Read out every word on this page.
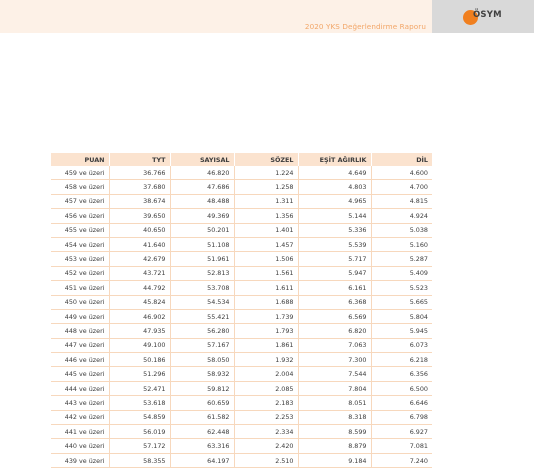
2020 YKS Değerlendirme Raporu
ÖSYM
PUAN	TYT	SAYISAL	SÖZEL	EŞİT AĞIRLIK	DİL
459 ve üzeri	36.766	46.820	1.224	4.649	4.600
458 ve üzeri	37.680	47.686	1.258	4.803	4.700
457 ve üzeri	38.674	48.488	1.311	4.965	4.815
456 ve üzeri	39.650	49.369	1.356	5.144	4.924
455 ve üzeri	40.650	50.201	1.401	5.336	5.038
454 ve üzeri	41.640	51.108	1.457	5.539	5.160
453 ve üzeri	42.679	51.961	1.506	5.717	5.287
452 ve üzeri	43.721	52.813	1.561	5.947	5.409
451 ve üzeri	44.792	53.708	1.611	6.161	5.523
450 ve üzeri	45.824	54.534	1.688	6.368	5.665
449 ve üzeri	46.902	55.421	1.739	6.569	5.804
448 ve üzeri	47.935	56.280	1.793	6.820	5.945
447 ve üzeri	49.100	57.167	1.861	7.063	6.073
446 ve üzeri	50.186	58.050	1.932	7.300	6.218
445 ve üzeri	51.296	58.932	2.004	7.544	6.356
444 ve üzeri	52.471	59.812	2.085	7.804	6.500
443 ve üzeri	53.618	60.659	2.183	8.051	6.646
442 ve üzeri	54.859	61.582	2.253	8.318	6.798
441 ve üzeri	56.019	62.448	2.334	8.599	6.927
440 ve üzeri	57.172	63.316	2.420	8.879	7.081
439 ve üzeri	58.355	64.197	2.510	9.184	7.240
